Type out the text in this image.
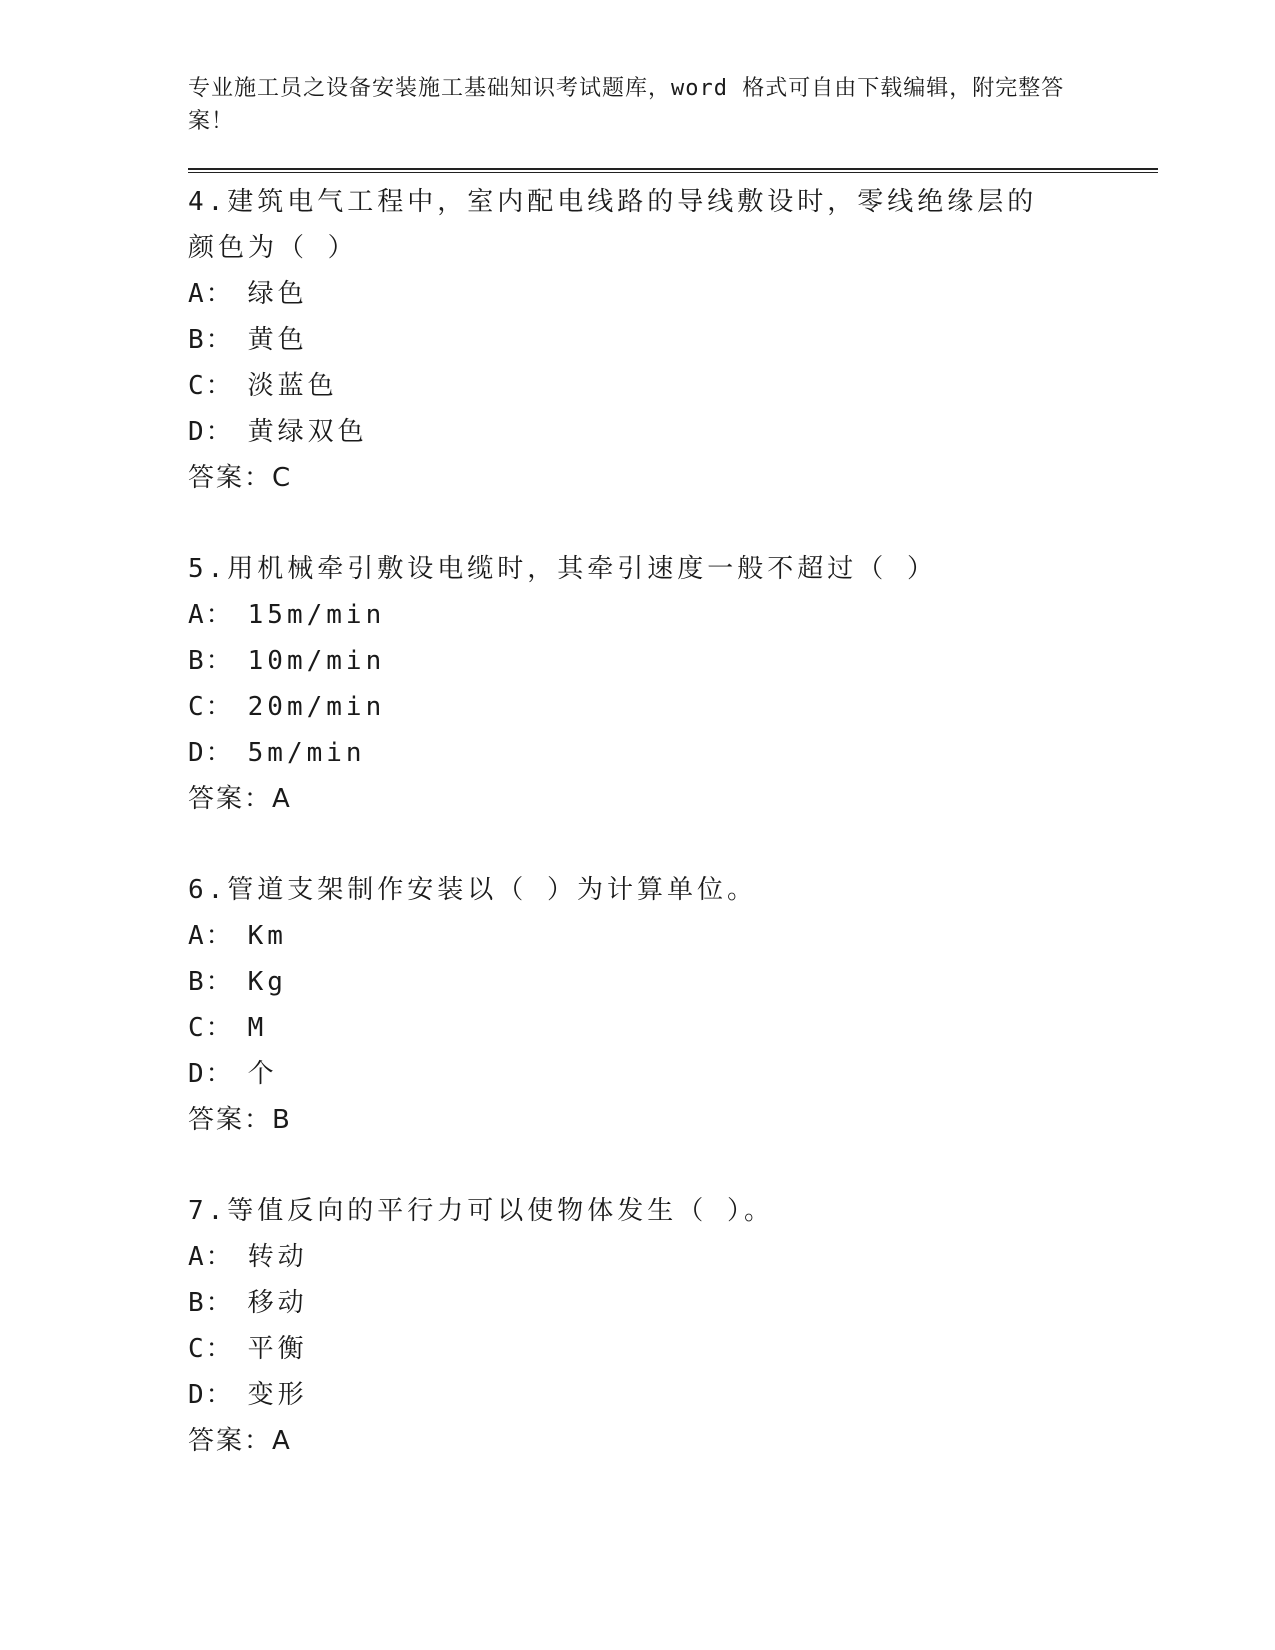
专业施工员之设备安装施工基础知识考试题库，word 格式可自由下载编辑，附完整答案！

4.建筑电气工程中，室内配电线路的导线敷设时，零线绝缘层的颜色为（ ）

A： 绿色
B： 黄色
C： 淡蓝色
D： 黄绿双色
答案：C

5.用机械牵引敷设电缆时，其牵引速度一般不超过（ ）

A： 15m/min
B： 10m/min
C： 20m/min
D： 5m/min
答案：A

6.管道支架制作安装以（ ）为计算单位。

A： Km
B： Kg
C： M
D： 个
答案：B

7.等值反向的平行力可以使物体发生（ ）。

A： 转动
B： 移动
C： 平衡
D： 变形
答案：A
